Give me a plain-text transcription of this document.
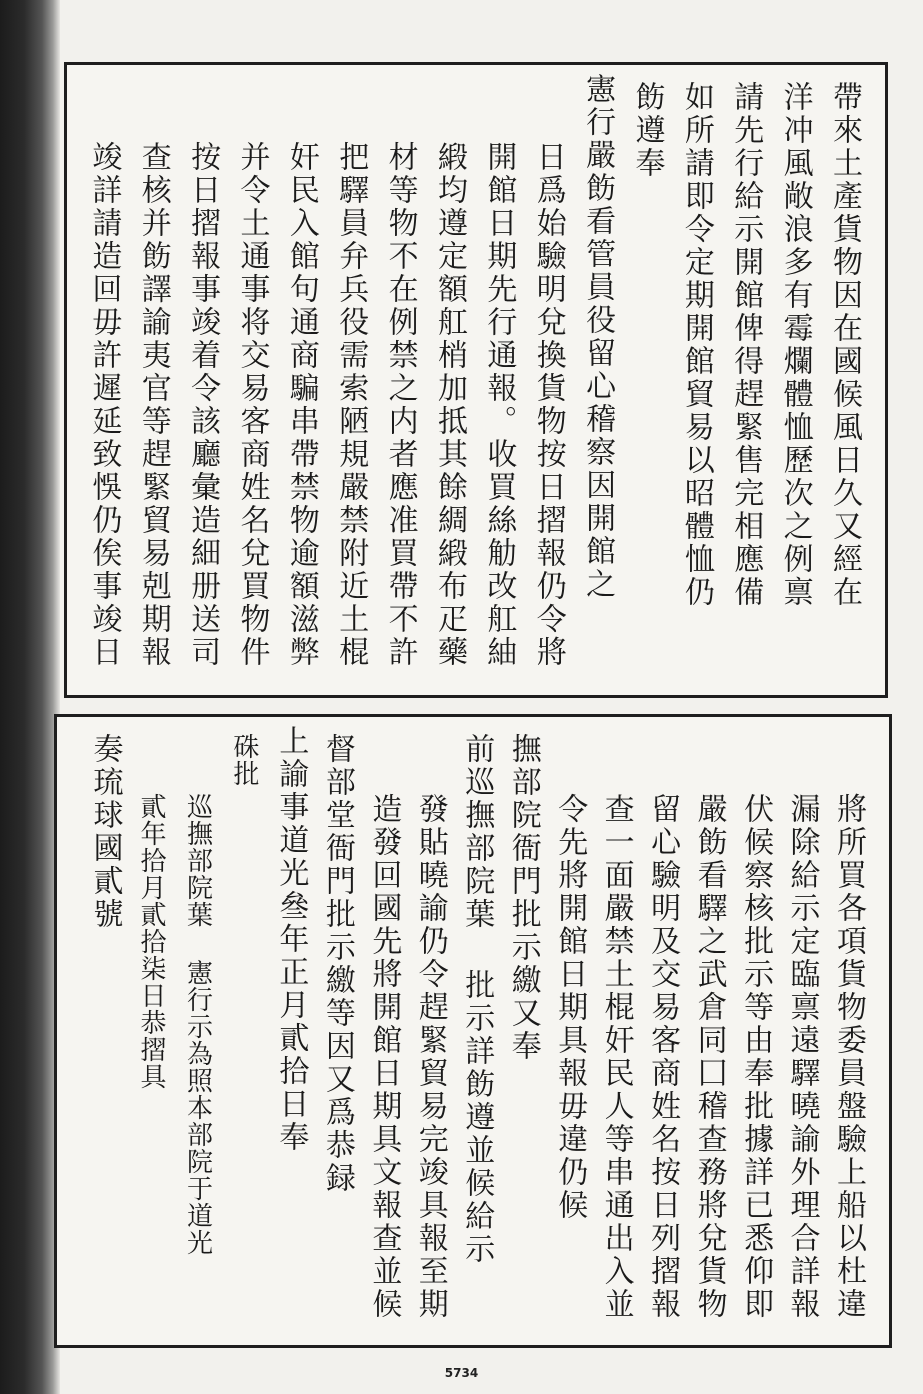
帶來土產貨物因在國候風日久又經在
洋冲風敞浪多有霉爛體恤歷次之例禀
請先行給示開館俾得趕緊售完相應備
如所請即令定期開館貿易以昭體恤仍
飭遵奉
憲行嚴飭看管員役留心稽察因開館之
日爲始驗明兌換貨物按日摺報仍令將
開館日期先行通報。收買絲觔改舡紬
緞均遵定額舡梢加抵其餘綢緞布疋藥
材等物不在例禁之内者應准買帶不許
把驛員弁兵役需索陋規嚴禁附近土棍
奸民入館句通商騙串帶禁物逾額滋弊
并令土通事将交易客商姓名兌買物件
按日摺報事竣着令該廳彙造細册送司
查核并飭譯諭夷官等趕緊貿易剋期報
竣詳請造回毋許遲延致悞仍俟事竣日
將所買各項貨物委員盤驗上船以杜違
漏除給示定臨禀遠驛曉諭外理合詳報
伏候察核批示等由奉批據詳已悉仰即
嚴飭看驛之武倉同囗稽查務將兌貨物
留心驗明及交易客商姓名按日列摺報
查一面嚴禁土棍奸民人等串通出入並
令先將開館日期具報毋違仍候
撫部院衙門批示繳又奉
前巡撫部院葉 批示詳飭遵並候給示
發貼曉諭仍令趕緊貿易完竣具報至期
造發回國先將開館日期具文報查並候
督部堂衙門批示繳等因又爲恭録
上諭事道光叄年正月貳拾日奉
硃批
巡撫部院葉 憲行示為照本部院于道光
貳年拾月貳拾柒日恭摺具
奏琉球國貳號
5734
